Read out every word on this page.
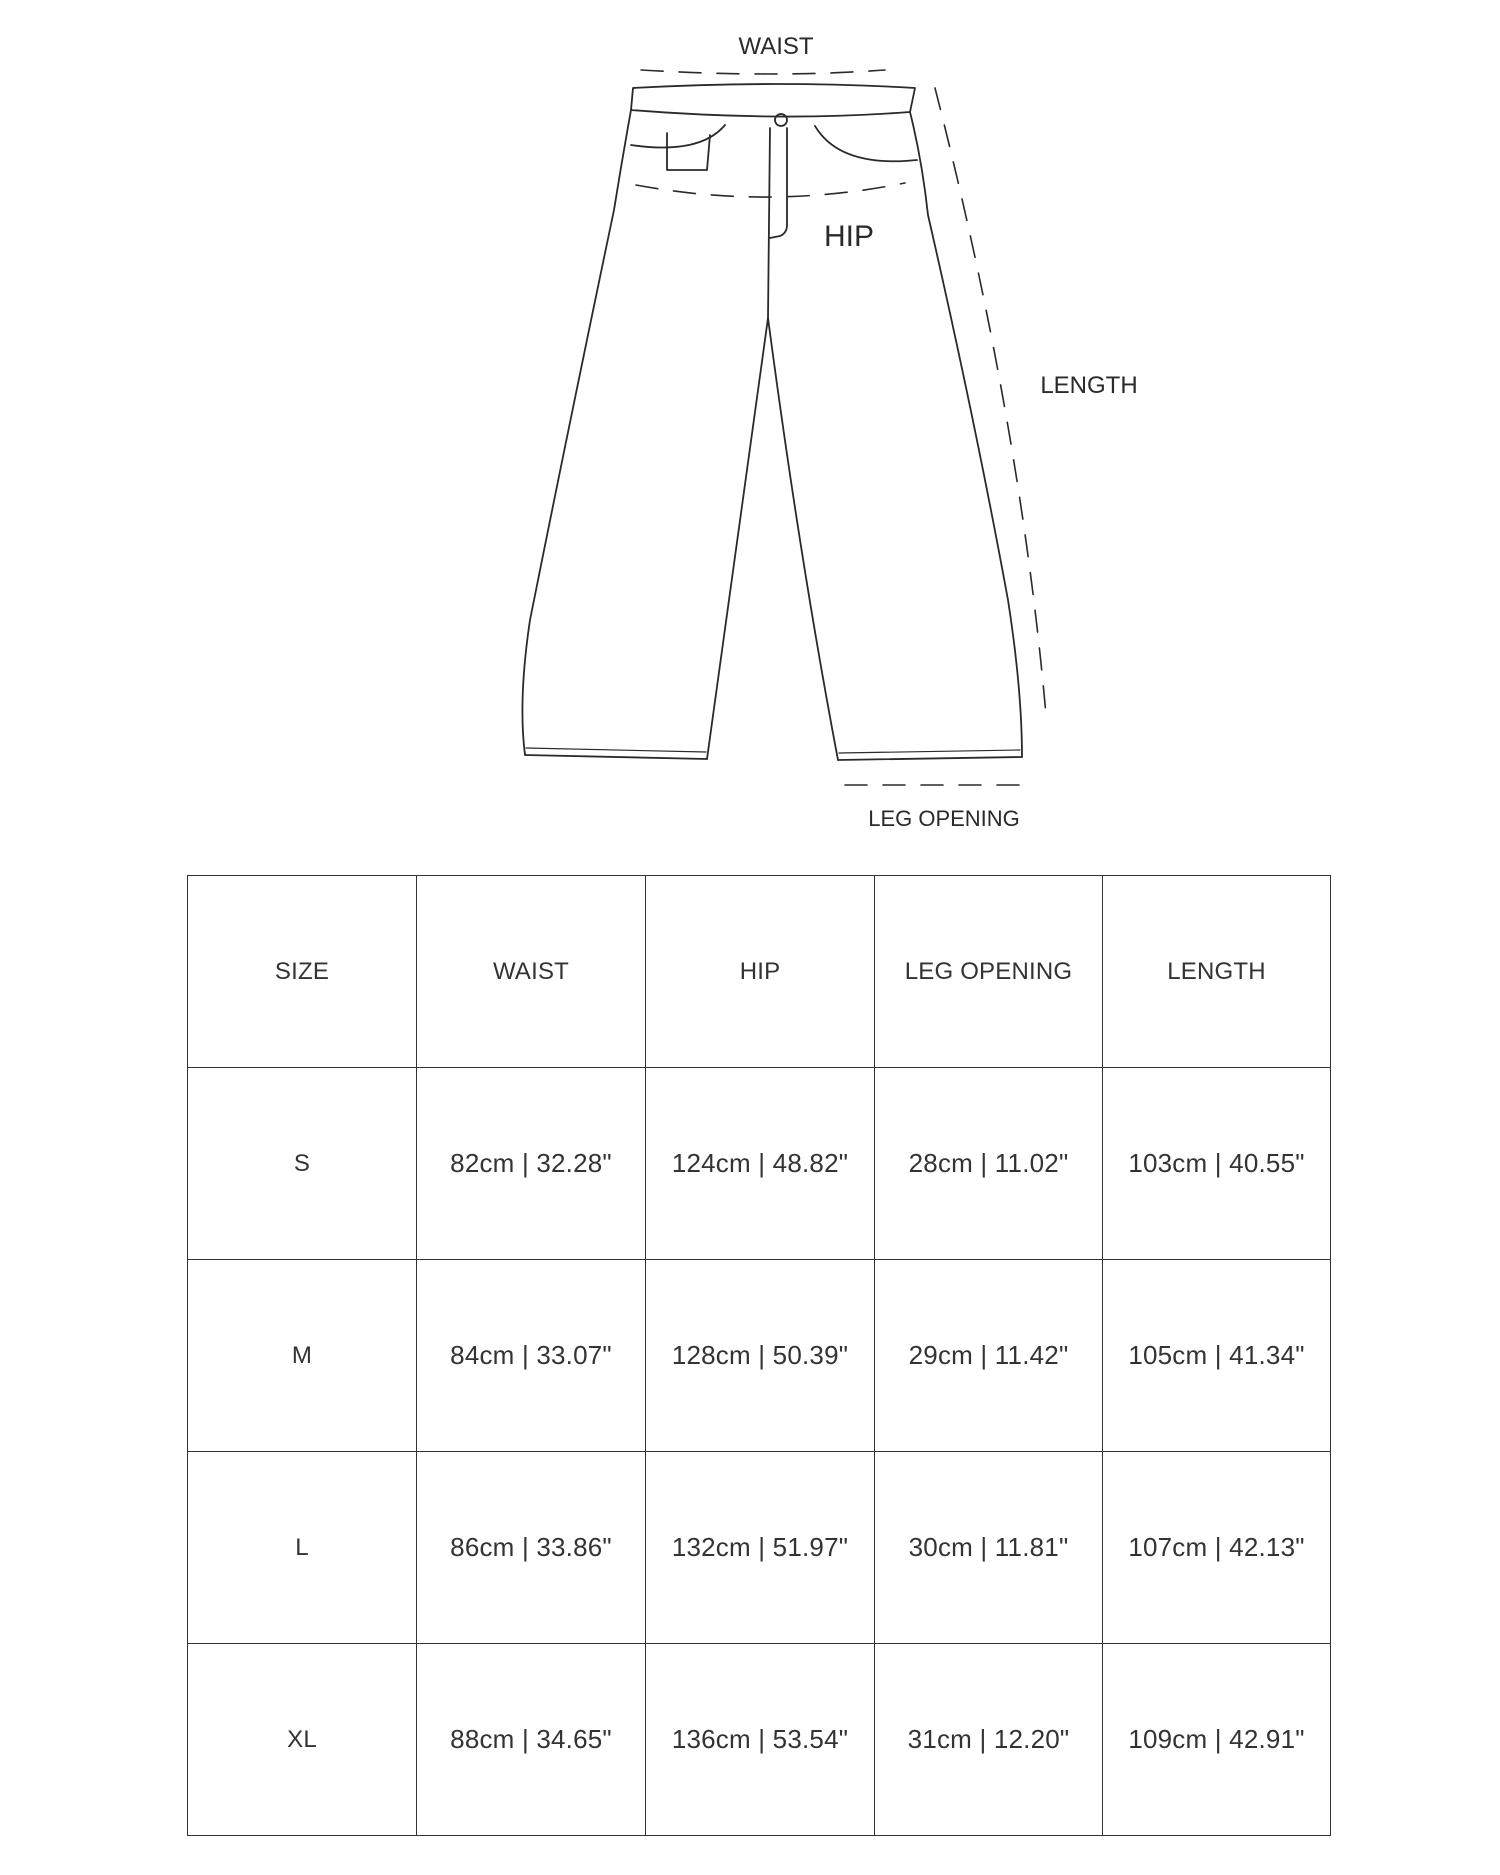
WAIST
HIP
LENGTH
LEG OPENING
SIZE	WAIST	HIP	LEG OPENING	LENGTH
S	82cm | 32.28"	124cm | 48.82"	28cm | 11.02"	103cm | 40.55"
M	84cm | 33.07"	128cm | 50.39"	29cm | 11.42"	105cm | 41.34"
L	86cm | 33.86"	132cm | 51.97"	30cm | 11.81"	107cm | 42.13"
XL	88cm | 34.65"	136cm | 53.54"	31cm | 12.20"	109cm | 42.91"
